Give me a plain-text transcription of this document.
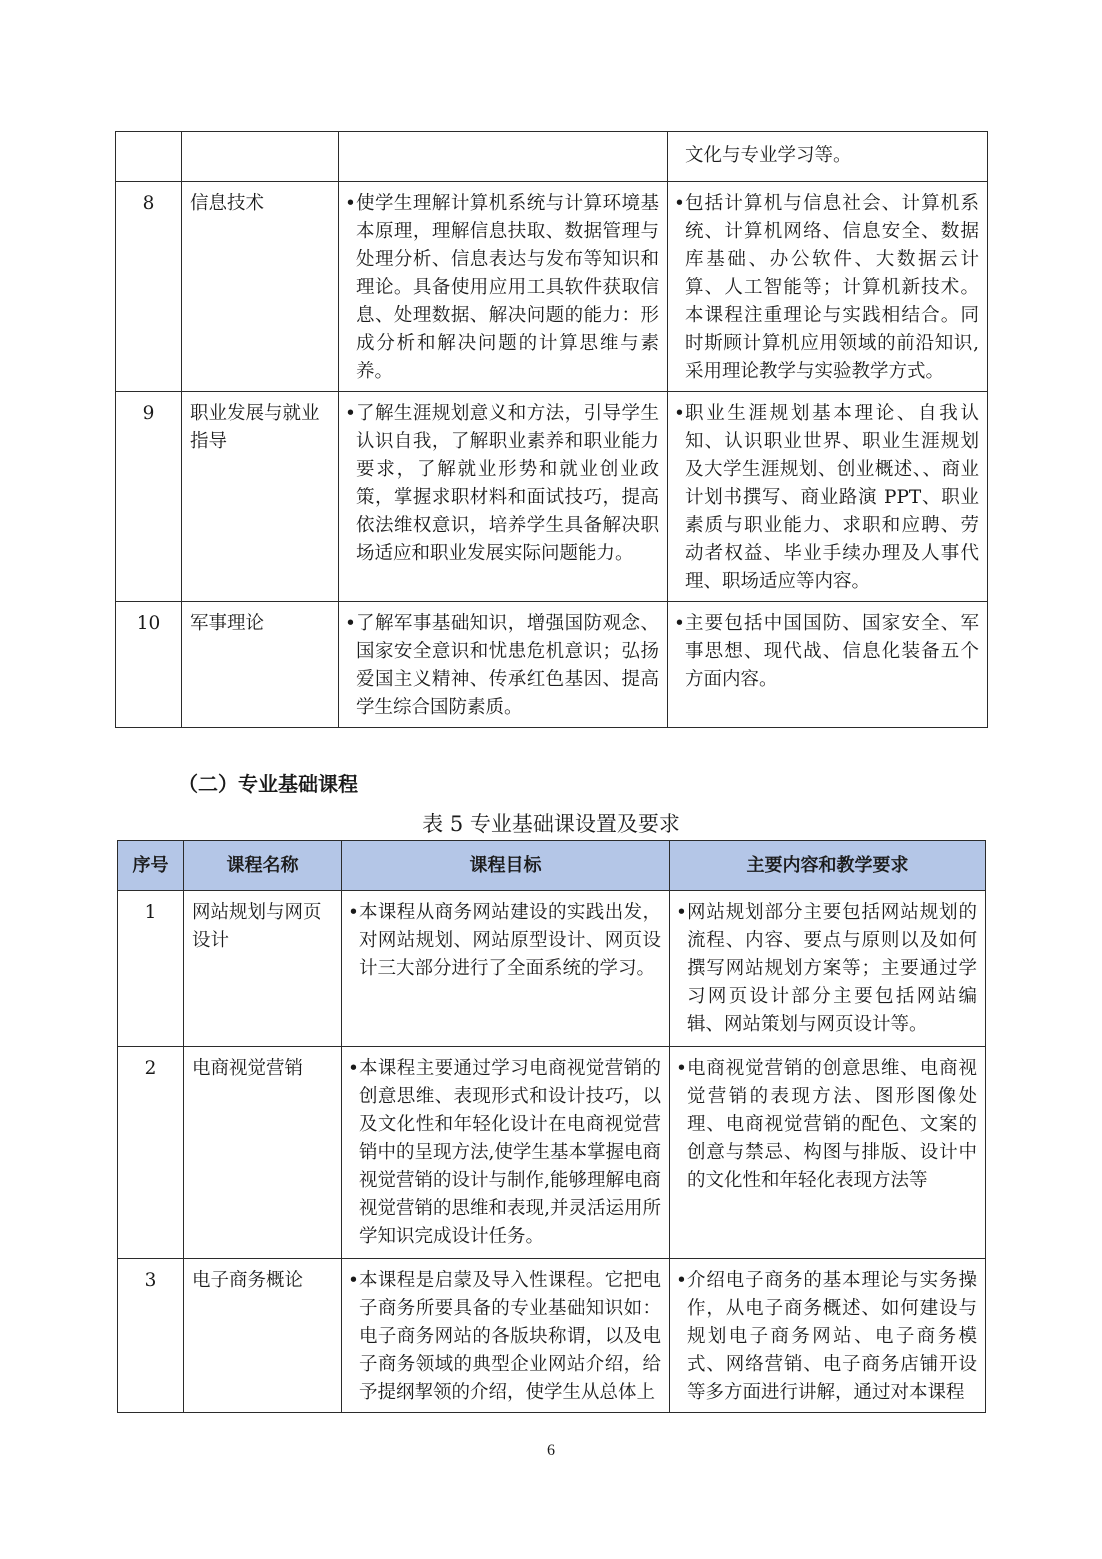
			文化与专业学习等。

8	信息技术	• 使学生理解计算机系统与计算环境基本原理，理解信息扶取、数据管理与处理分析、信息表达与发布等知识和理论。具备使用应用工具软件获取信息、处理数据、解决问题的能力：形成分析和解决问题的计算思维与素养。	• 包括计算机与信息社会、计算机系统、计算机网络、信息安全、数据库基础、办公软件、大数据云计算、人工智能等；计算机新技术。本课程注重理论与实践相结合。同时斯顾计算机应用领域的前沿知识,采用理论教学与实验教学方式。

9	职业发展与就业指导	• 了解生涯规划意义和方法，引导学生认识自我，了解职业素养和职业能力要求，了解就业形势和就业创业政策，掌握求职材料和面试技巧，提高依法维权意识，培养学生具备解决职场适应和职业发展实际问题能力。	• 职业生涯规划基本理论、自我认知、认识职业世界、职业生涯规划及大学生涯规划、创业概述、、商业计划书撰写、商业路演 PPT、职业素质与职业能力、求职和应聘、劳动者权益、毕业手续办理及人事代理、职场适应等内容。

10	军事理论	• 了解军事基础知识，增强国防观念、国家安全意识和忧患危机意识；弘扬爱国主义精神、传承红色基因、提高学生综合国防素质。	• 主要包括中国国防、国家安全、军事思想、现代战、信息化装备五个方面内容。
（二）专业基础课程
表 5 专业基础课设置及要求
序号	课程名称	课程目标	主要内容和教学要求
1	网站规划与网页设计	• 本课程从商务网站建设的实践出发，对网站规划、网站原型设计、网页设计三大部分进行了全面系统的学习。	• 网站规划部分主要包括网站规划的流程、内容、要点与原则以及如何撰写网站规划方案等；主要通过学习网页设计部分主要包括网站编辑、网站策划与网页设计等。

2	电商视觉营销	• 本课程主要通过学习电商视觉营销的创意思维、表现形式和设计技巧，以及文化性和年轻化设计在电商视觉营销中的呈现方法,使学生基本掌握电商视觉营销的设计与制作,能够理解电商视觉营销的思维和表现,并灵活运用所学知识完成设计任务。	• 电商视觉营销的创意思维、电商视觉营销的表现方法、图形图像处理、电商视觉营销的配色、文案的创意与禁忌、构图与排版、设计中的文化性和年轻化表现方法等

3	电子商务概论	• 本课程是启蒙及导入性课程。它把电子商务所要具备的专业基础知识如：电子商务网站的各版块称谓，以及电子商务领域的典型企业网站介绍，给予提纲挈领的介绍，使学生从总体上	• 介绍电子商务的基本理论与实务操作，从电子商务概述、如何建设与规划电子商务网站、电子商务模式、网络营销、电子商务店铺开设等多方面进行讲解，通过对本课程
6
